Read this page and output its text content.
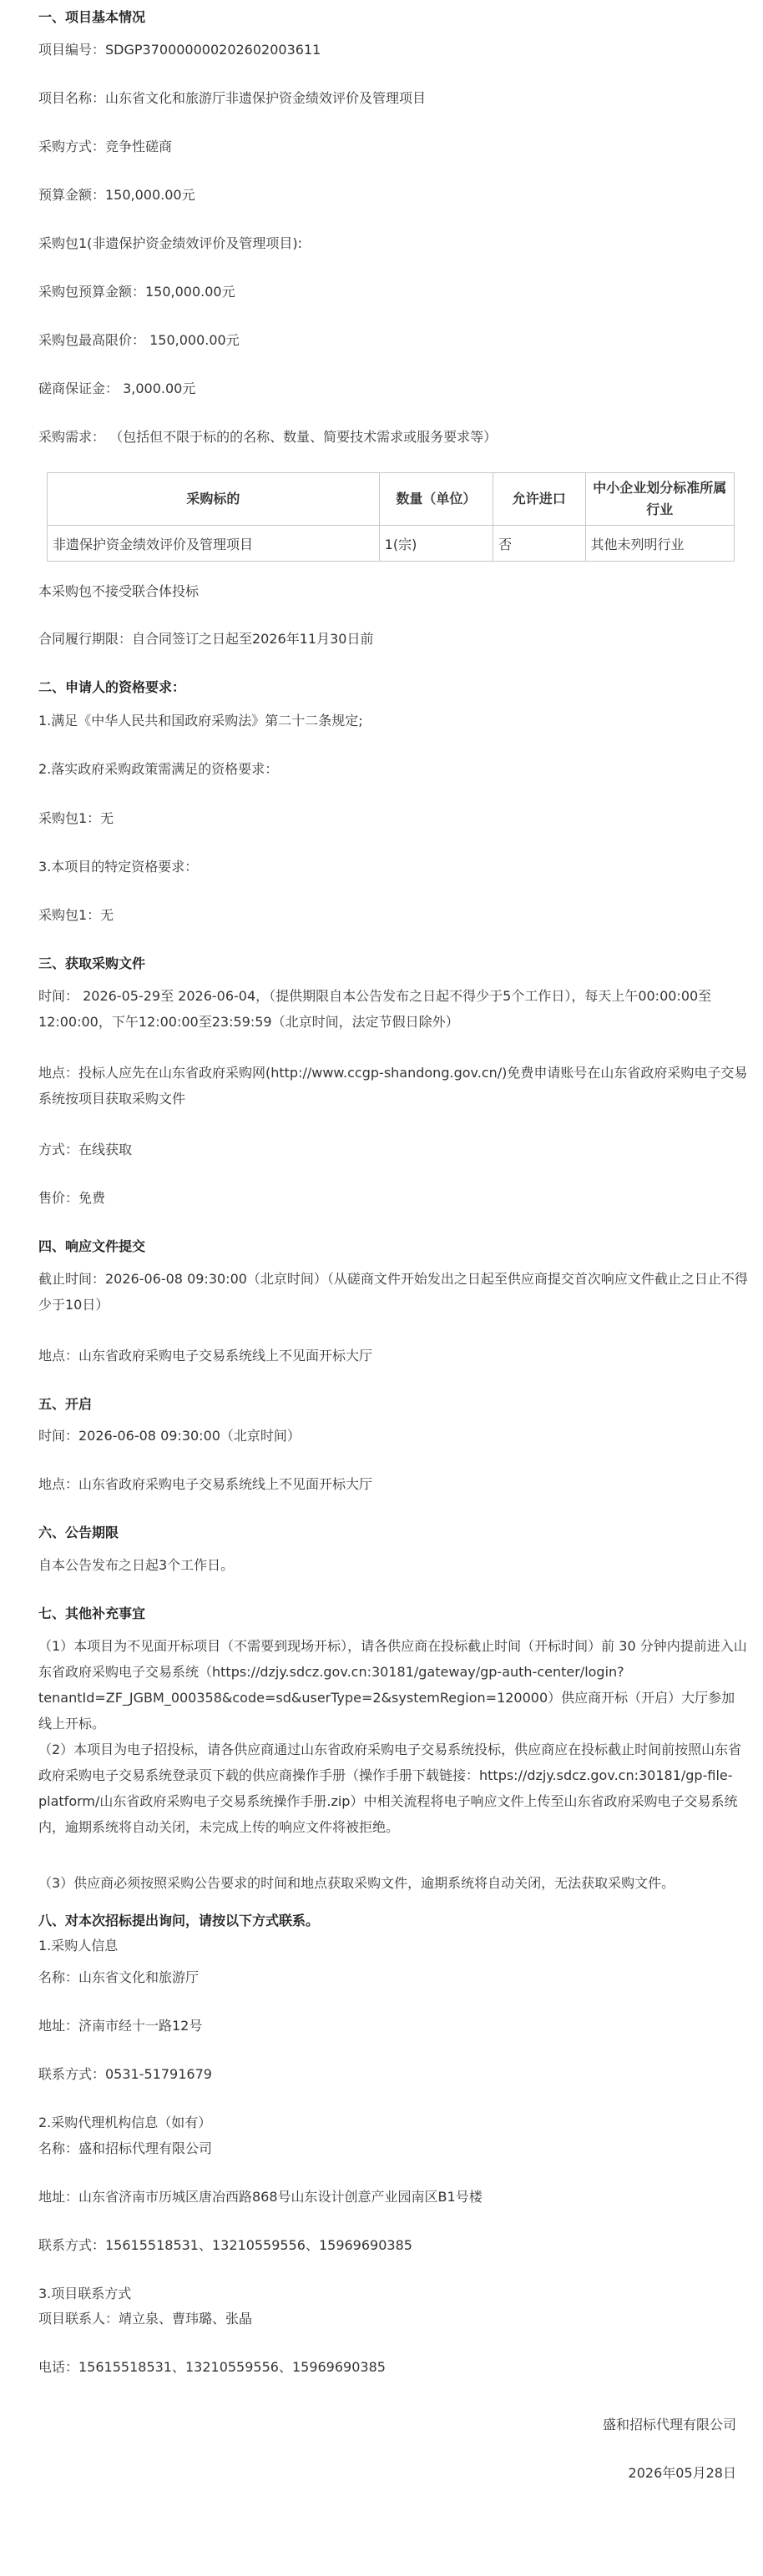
一、项目基本情况
项目编号：SDGP370000000202602003611
项目名称：山东省文化和旅游厅非遗保护资金绩效评价及管理项目
采购方式：竞争性磋商
预算金额：150,000.00元
采购包1(非遗保护资金绩效评价及管理项目):
采购包预算金额：150,000.00元
采购包最高限价： 150,000.00元
磋商保证金： 3,000.00元
采购需求： （包括但不限于标的的名称、数量、简要技术需求或服务要求等）
采购标的	数量（单位）	允许进口	中小企业划分标准所属行业
非遗保护资金绩效评价及管理项目	1(宗)	否	其他未列明行业
本采购包不接受联合体投标
合同履行期限：自合同签订之日起至2026年11月30日前
二、申请人的资格要求：
1.满足《中华人民共和国政府采购法》第二十二条规定;
2.落实政府采购政策需满足的资格要求：
采购包1：无
3.本项目的特定资格要求：
采购包1：无
三、获取采购文件
时间： 2026-05-29至 2026-06-04，（提供期限自本公告发布之日起不得少于5个工作日），每天上午00:00:00至12:00:00，下午12:00:00至23:59:59（北京时间，法定节假日除外）
地点：投标人应先在山东省政府采购网(http://www.ccgp-shandong.gov.cn/)免费申请账号在山东省政府采购电子交易系统按项目获取采购文件
方式：在线获取
售价：免费
四、响应文件提交
截止时间：2026-06-08 09:30:00（北京时间）（从磋商文件开始发出之日起至供应商提交首次响应文件截止之日止不得少于10日）
地点：山东省政府采购电子交易系统线上不见面开标大厅
五、开启
时间：2026-06-08 09:30:00（北京时间）
地点：山东省政府采购电子交易系统线上不见面开标大厅
六、公告期限
自本公告发布之日起3个工作日。
七、其他补充事宜
（1）本项目为不见面开标项目（不需要到现场开标），请各供应商在投标截止时间（开标时间）前 30 分钟内提前进入山东省政府采购电子交易系统（https://dzjy.sdcz.gov.cn:30181/gateway/gp-auth-center/login?tenantId=ZF_JGBM_000358&code=sd&userType=2&systemRegion=120000）供应商开标（开启）大厅参加线上开标。
（2）本项目为电子招投标，请各供应商通过山东省政府采购电子交易系统投标，供应商应在投标截止时间前按照山东省政府采购电子交易系统登录页下载的供应商操作手册（操作手册下载链接：https://dzjy.sdcz.gov.cn:30181/gp-file-platform/山东省政府采购电子交易系统操作手册.zip）中相关流程将电子响应文件上传至山东省政府采购电子交易系统内，逾期系统将自动关闭，未完成上传的响应文件将被拒绝。
（3）供应商必须按照采购公告要求的时间和地点获取采购文件，逾期系统将自动关闭，无法获取采购文件。
八、对本次招标提出询问，请按以下方式联系。
1.采购人信息
名称：山东省文化和旅游厅
地址：济南市经十一路12号
联系方式：0531-51791679
2.采购代理机构信息（如有）
名称：盛和招标代理有限公司
地址：山东省济南市历城区唐冶西路868号山东设计创意产业园南区B1号楼
联系方式：15615518531、13210559556、15969690385
3.项目联系方式
项目联系人：靖立泉、曹玮璐、张晶
电话：15615518531、13210559556、15969690385
盛和招标代理有限公司
2026年05月28日
